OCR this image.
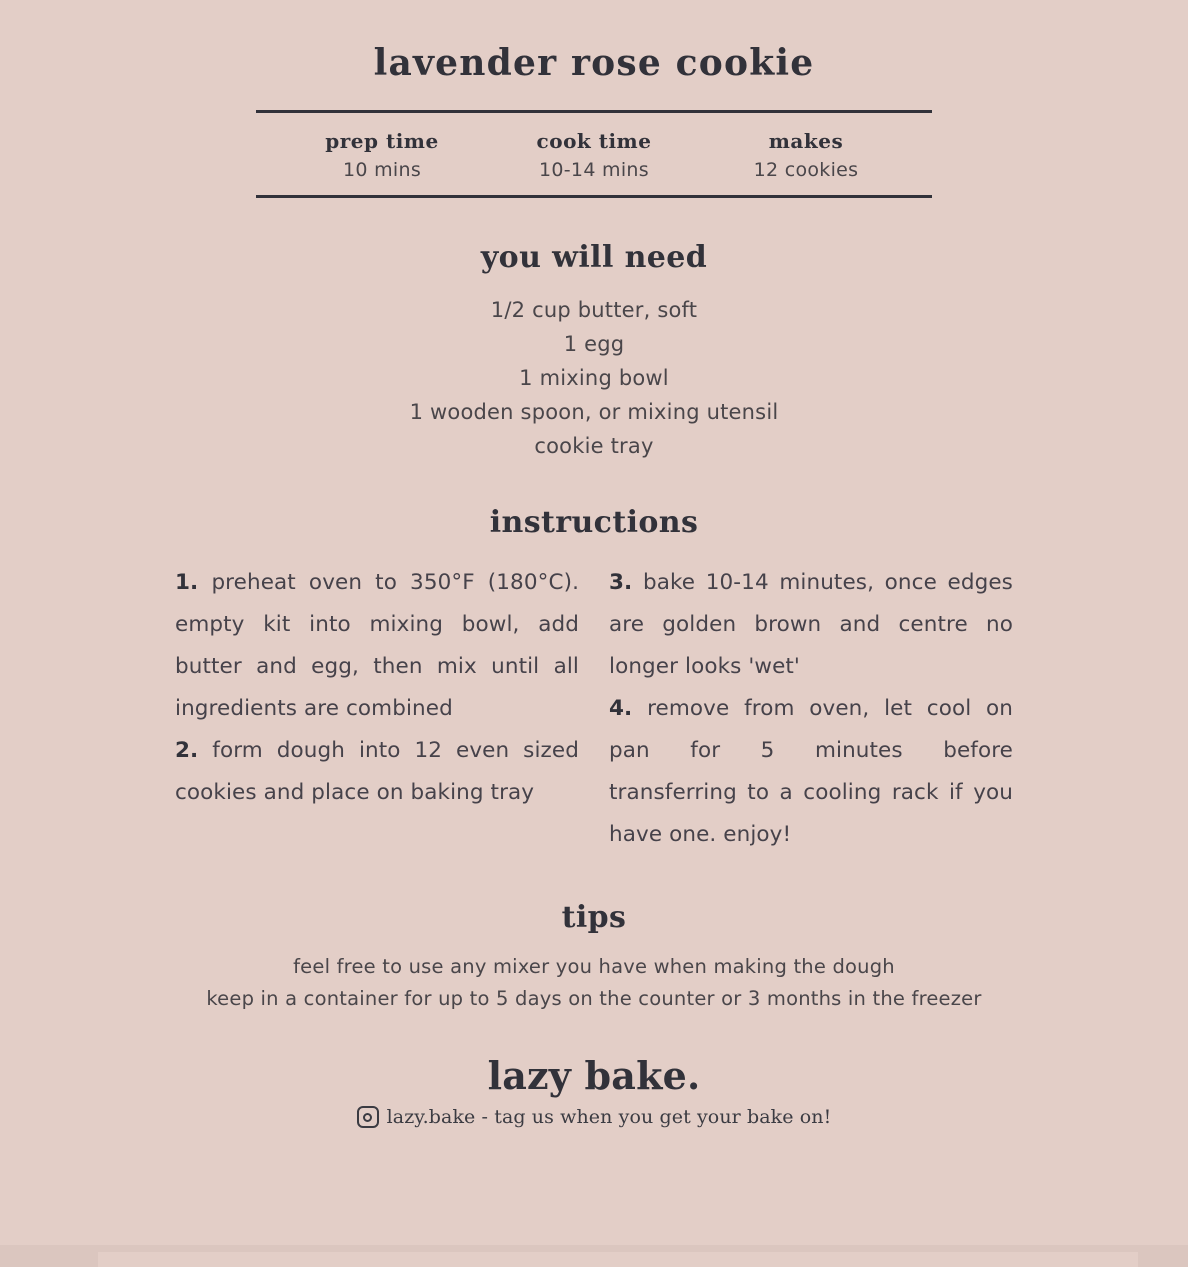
lavender rose cookie
prep time
10 mins
cook time
10-14 mins
makes
12 cookies
you will need
1/2 cup butter, soft
1 egg
1 mixing bowl
1 wooden spoon, or mixing utensil
cookie tray
instructions
1. preheat oven to 350°F (180°C). empty kit into mixing bowl, add butter and egg, then mix until all ingredients are combined
2. form dough into 12 even sized cookies and place on baking tray
3. bake 10-14 minutes, once edges are golden brown and centre no longer looks 'wet'
4. remove from oven, let cool on pan for 5 minutes before transferring to a cooling rack if you have one. enjoy!
tips
feel free to use any mixer you have when making the dough
keep in a container for up to 5 days on the counter or 3 months in the freezer
lazy bake.
lazy.bake - tag us when you get your bake on!
